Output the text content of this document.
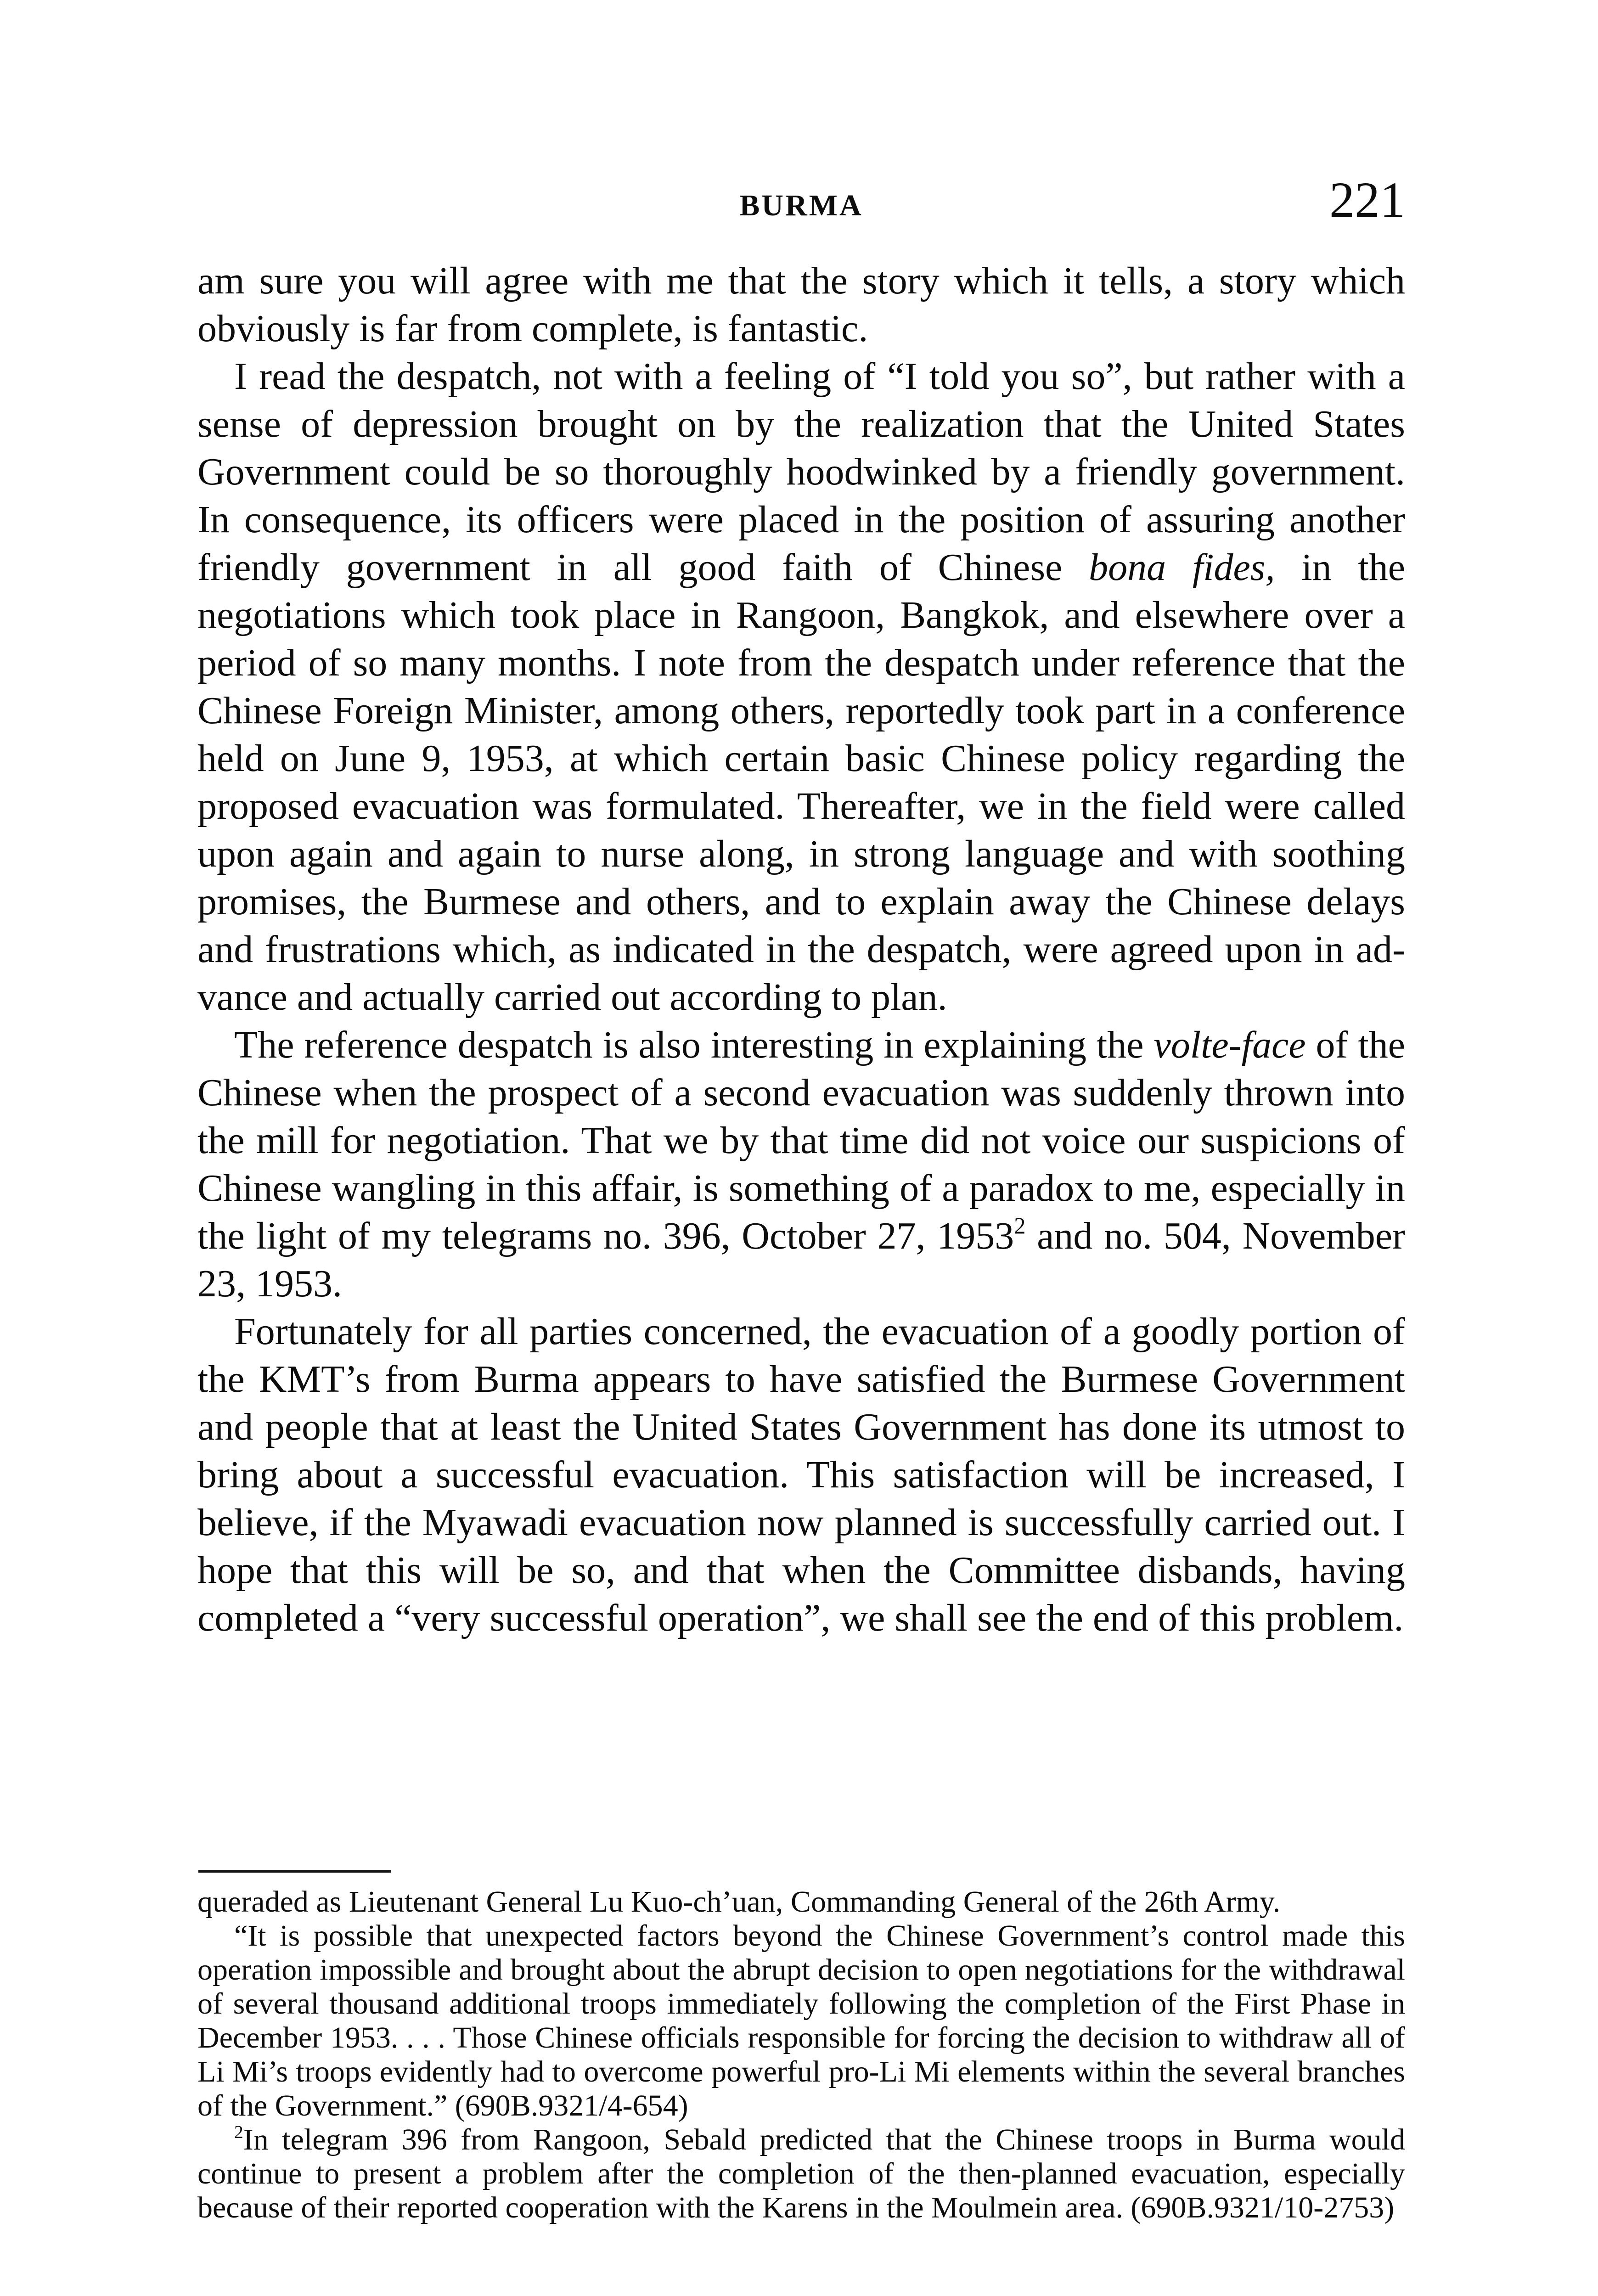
BURMA	221

am sure you will agree with me that the story which it tells, a story which obviously is far from complete, is fantastic.

I read the despatch, not with a feeling of “I told you so”, but rather with a sense of depression brought on by the realization that the United States Government could be so thoroughly hoodwinked by a friendly government. In consequence, its officers were placed in the position of assuring another friendly government in all good faith of Chinese bona fides, in the negotiations which took place in Rangoon, Bangkok, and elsewhere over a period of so many months. I note from the despatch under reference that the Chinese Foreign Minister, among others, reportedly took part in a conference held on June 9, 1953, at which certain basic Chinese policy regarding the proposed evacuation was formulated. Thereafter, we in the field were called upon again and again to nurse along, in strong language and with soothing promises, the Burmese and others, and to explain away the Chinese delays and frustrations which, as indicated in the despatch, were agreed upon in advance and actually carried out according to plan.

The reference despatch is also interesting in explaining the volte-face of the Chinese when the prospect of a second evacuation was suddenly thrown into the mill for negotiation. That we by that time did not voice our suspicions of Chinese wangling in this affair, is something of a paradox to me, especially in the light of my telegrams no. 396, October 27, 1953$^2$ and no. 504, November 23, 1953.

Fortunately for all parties concerned, the evacuation of a goodly portion of the KMT’s from Burma appears to have satisfied the Burmese Government and people that at least the United States Government has done its utmost to bring about a successful evacuation. This satisfaction will be increased, I believe, if the Myawadi evacuation now planned is successfully carried out. I hope that this will be so, and that when the Committee disbands, having completed a “very successful operation”, we shall see the end of this problem.

queraded as Lieutenant General Lu Kuo-ch’uan, Commanding General of the 26th Army.

“It is possible that unexpected factors beyond the Chinese Government’s control made this operation impossible and brought about the abrupt decision to open negotiations for the withdrawal of several thousand additional troops immediately following the completion of the First Phase in December 1953. . . . Those Chinese officials responsible for forcing the decision to withdraw all of Li Mi’s troops evidently had to overcome powerful pro-Li Mi elements within the several branches of the Government.” (690B.9321/4-654)

$^2$In telegram 396 from Rangoon, Sebald predicted that the Chinese troops in Burma would continue to present a problem after the completion of the then-planned evacuation, especially because of their reported cooperation with the Karens in the Moulmein area. (690B.9321/10-2753)
